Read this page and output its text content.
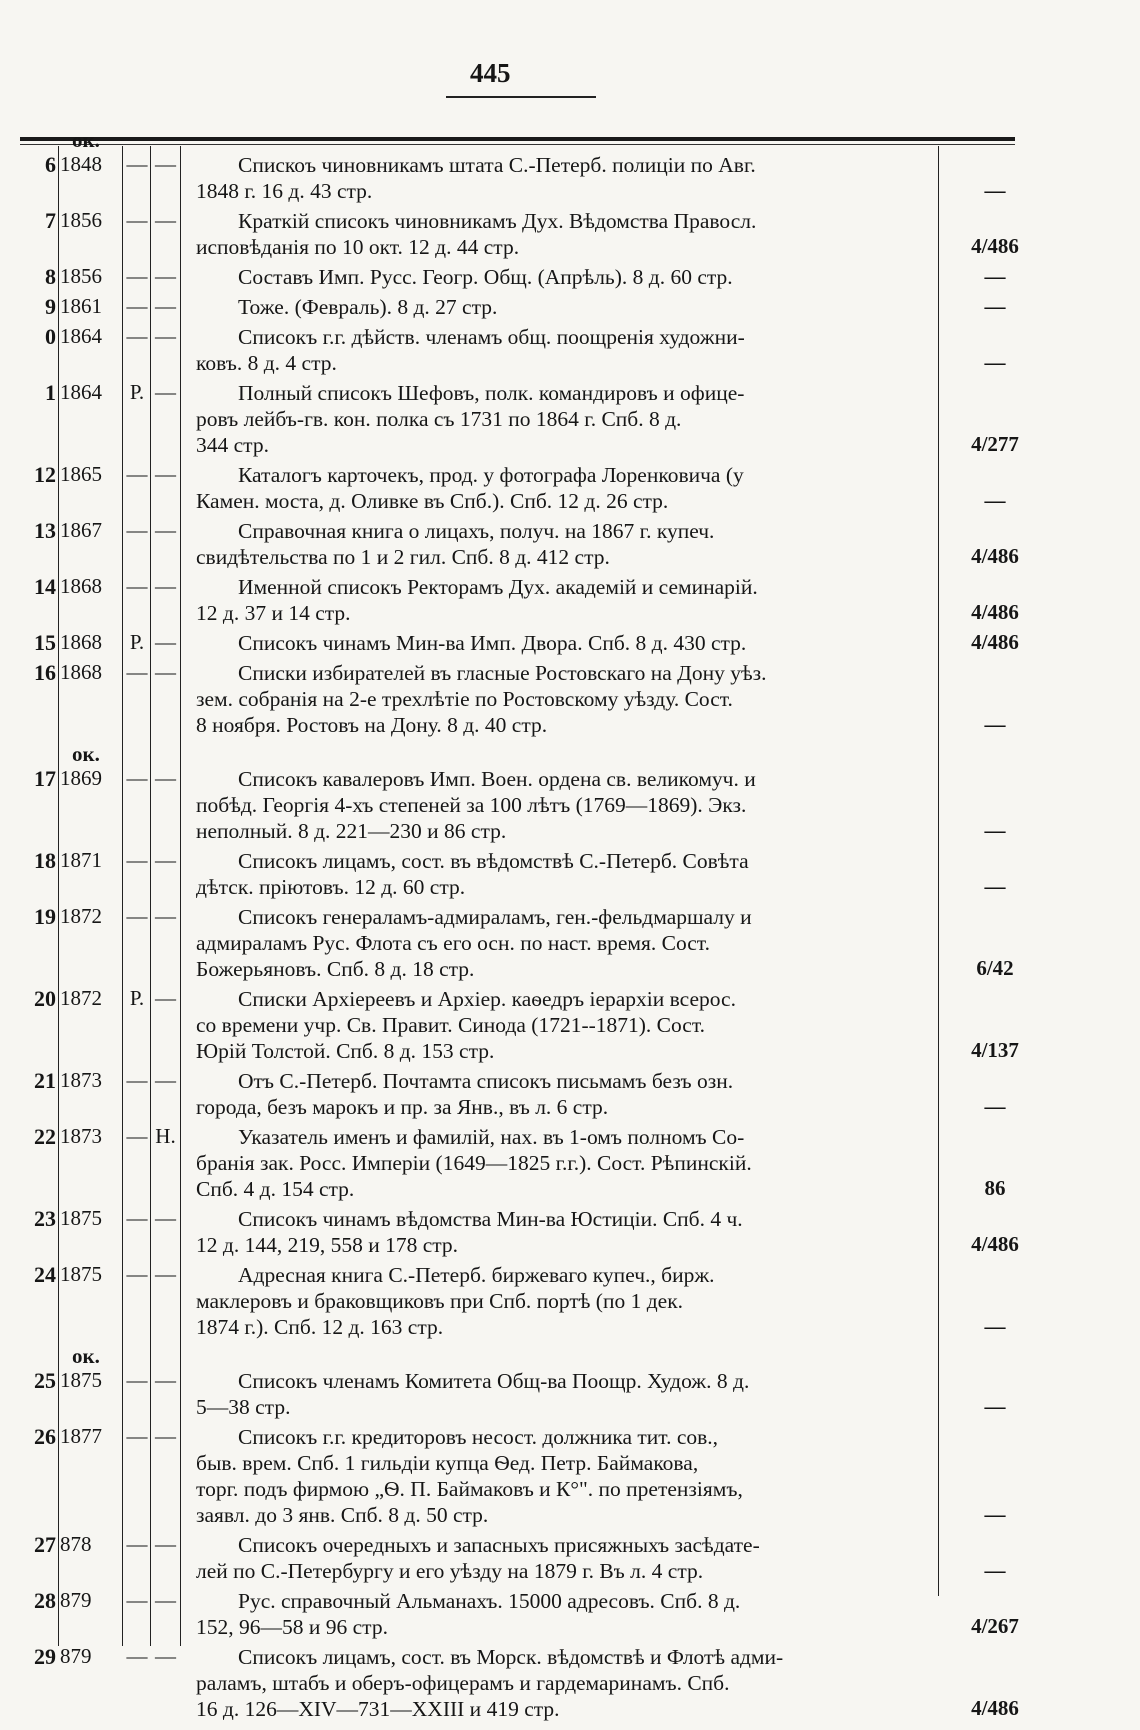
445
ок.
6 1848 — —	Спискоъ чиновникамъ штата С.-Петерб. полиціи по Авг.
1848 г. 16 д. 43 стр.	—
7 1856 — —	Краткій списокъ чиновникамъ Дух. Вѣдомства Правосл.
исповѣданія по 10 окт. 12 д. 44 стр.	4/486
8 1856 — —	Составъ Имп. Русс. Геогр. Общ. (Апрѣль). 8 д. 60 стр.	—
9 1861 — —	Тоже. (Февраль). 8 д. 27 стр.	—
0 1864 — —	Списокъ г.г. дѣйств. членамъ общ. поощренія художни-
ковъ. 8 д. 4 стр.	—
1 1864 Р. —	Полный списокъ Шефовъ, полк. командировъ и офице-
ровъ лейбъ-гв. кон. полка съ 1731 по 1864 г. Спб. 8 д.
344 стр.	4/277
12 1865 — —	Каталогъ карточекъ, прод. у фотографа Лоренковича (у
Камен. моста, д. Оливке въ Спб.). Спб. 12 д. 26 стр.	—
13 1867 — —	Справочная книга о лицахъ, получ. на 1867 г. купеч.
свидѣтельства по 1 и 2 гил. Спб. 8 д. 412 стр.	4/486
14 1868 — —	Именной списокъ Ректорамъ Дух. академій и семинарій.
12 д. 37 и 14 стр.	4/486
15 1868 Р. —	Списокъ чинамъ Мин-ва Имп. Двора. Спб. 8 д. 430 стр.	4/486
16 1868 — —	Списки избирателей въ гласные Ростовскаго на Дону уѣз.
зем. собранія на 2-е трехлѣтіе по Ростовскому уѣзду. Сост.
8 ноября. Ростовъ на Дону. 8 д. 40 стр.	—
ок.
17 1869 — —	Списокъ кавалеровъ Имп. Воен. ордена св. великомуч. и
побѣд. Георгія 4-хъ степеней за 100 лѣтъ (1769—1869). Экз.
неполный. 8 д. 221—230 и 86 стр.	—
18 1871 — —	Списокъ лицамъ, сост. въ вѣдомствѣ С.-Петерб. Совѣта
дѣтск. пріютовъ. 12 д. 60 стр.	—
19 1872 — —	Списокъ генераламъ-адмираламъ, ген.-фельдмаршалу и
адмираламъ Рус. Флота съ его осн. по наст. время. Сост.
Божерьяновъ. Спб. 8 д. 18 стр.	6/42
20 1872 Р. —	Списки Архіереевъ и Архіер. каѳедръ іерархіи всерос.
со времени учр. Св. Правит. Синода (1721--1871). Сост.
Юрій Толстой. Спб. 8 д. 153 стр.	4/137
21 1873 — —	Отъ С.-Петерб. Почтамта списокъ письмамъ безъ озн.
города, безъ марокъ и пр. за Янв., въ л. 6 стр.	—
22 1873 — Н.	Указатель именъ и фамилій, нах. въ 1-омъ полномъ Со-
бранія зак. Росс. Имперіи (1649—1825 г.г.). Сост. Рѣпинскій.
Спб. 4 д. 154 стр.	86
23 1875 — —	Списокъ чинамъ вѣдомства Мин-ва Юстиціи. Спб. 4 ч.
12 д. 144, 219, 558 и 178 стр.	4/486
24 1875 — —	Адресная книга С.-Петерб. биржеваго купеч., бирж.
маклеровъ и браковщиковъ при Спб. портѣ (по 1 дек.
1874 г.). Спб. 12 д. 163 стр.	—
ок.
25 1875 — —	Списокъ членамъ Комитета Общ-ва Поощр. Худож. 8 д.
5—38 стр.	—
26 1877 — —	Списокъ г.г. кредиторовъ несост. должника тит. сов.,
быв. врем. Спб. 1 гильдіи купца Ѳед. Петр. Баймакова,
торг. подъ фирмою „Ѳ. П. Баймаковъ и К°". по претензіямъ,
заявл. до 3 янв. Спб. 8 д. 50 стр.	—
27 878 — —	Списокъ очередныхъ и запасныхъ присяжныхъ засѣдате-
лей по С.-Петербургу и его уѣзду на 1879 г. Въ л. 4 стр.	—
28 879 — —	Рус. справочный Альманахъ. 15000 адресовъ. Спб. 8 д.
152, 96—58 и 96 стр.	4/267
29 879 — —	Списокъ лицамъ, сост. въ Морск. вѣдомствѣ и Флотѣ адми-
раламъ, штабъ и оберъ-офицерамъ и гардемаринамъ. Спб.
16 д. 126—XIV—731—XXIII и 419 стр.	4/486
